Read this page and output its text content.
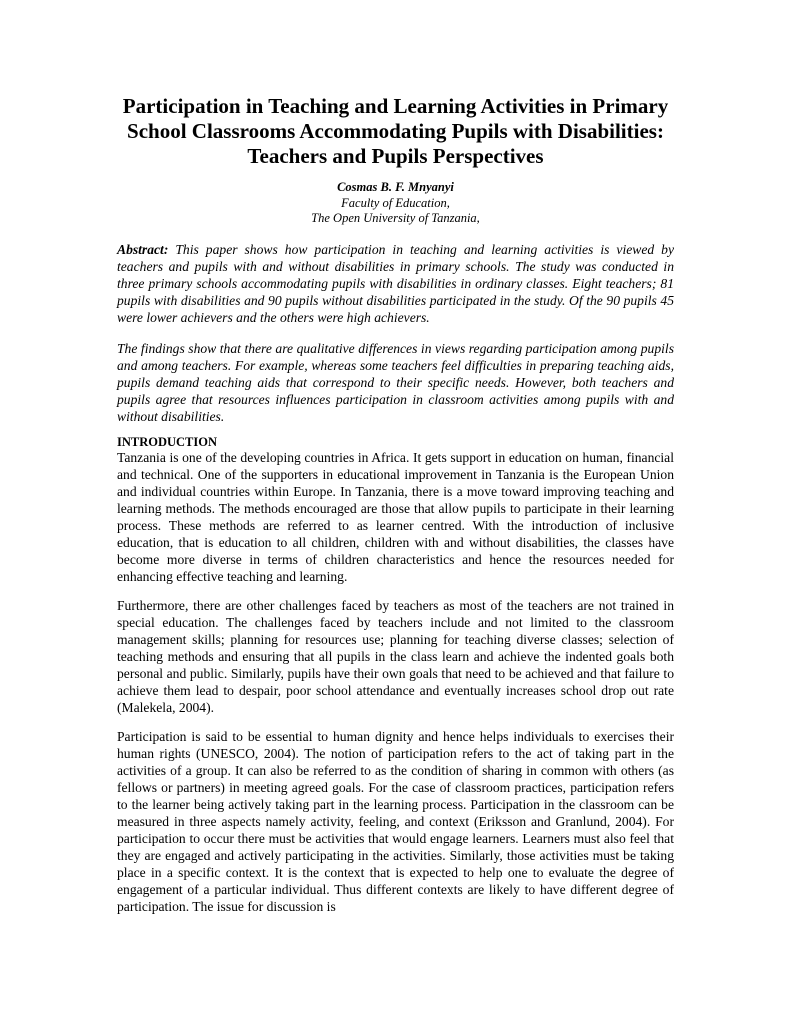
Participation in Teaching and Learning Activities in Primary
School Classrooms Accommodating Pupils with Disabilities:
Teachers and Pupils Perspectives
Cosmas B. F. Mnyanyi
Faculty of Education,
The Open University of Tanzania,

Abstract: This paper shows how participation in teaching and learning activities is viewed by teachers and pupils with and without disabilities in primary schools. The study was conducted in three primary schools accommodating pupils with disabilities in ordinary classes. Eight teachers; 81 pupils with disabilities and 90 pupils without disabilities participated in the study. Of the 90 pupils 45 were lower achievers and the others were high achievers.

The findings show that there are qualitative differences in views regarding participation among pupils and among teachers. For example, whereas some teachers feel difficulties in preparing teaching aids, pupils demand teaching aids that correspond to their specific needs. However, both teachers and pupils agree that resources influences participation in classroom activities among pupils with and without disabilities.

INTRODUCTION

Tanzania is one of the developing countries in Africa. It gets support in education on human, financial and technical. One of the supporters in educational improvement in Tanzania is the European Union and individual countries within Europe. In Tanzania, there is a move toward improving teaching and learning methods. The methods encouraged are those that allow pupils to participate in their learning process. These methods are referred to as learner centred. With the introduction of inclusive education, that is education to all children, children with and without disabilities, the classes have become more diverse in terms of children characteristics and hence the resources needed for enhancing effective teaching and learning.

Furthermore, there are other challenges faced by teachers as most of the teachers are not trained in special education. The challenges faced by teachers include and not limited to the classroom management skills; planning for resources use; planning for teaching diverse classes; selection of teaching methods and ensuring that all pupils in the class learn and achieve the indented goals both personal and public. Similarly, pupils have their own goals that need to be achieved and that failure to achieve them lead to despair, poor school attendance and eventually increases school drop out rate (Malekela, 2004).

Participation is said to be essential to human dignity and hence helps individuals to exercises their human rights (UNESCO, 2004). The notion of participation refers to the act of taking part in the activities of a group. It can also be referred to as the condition of sharing in common with others (as fellows or partners) in meeting agreed goals. For the case of classroom practices, participation refers to the learner being actively taking part in the learning process. Participation in the classroom can be measured in three aspects namely activity, feeling, and context (Eriksson and Granlund, 2004). For participation to occur there must be activities that would engage learners. Learners must also feel that they are engaged and actively participating in the activities. Similarly, those activities must be taking place in a specific context. It is the context that is expected to help one to evaluate the degree of engagement of a particular individual. Thus different contexts are likely to have different degree of participation. The issue for discussion is
